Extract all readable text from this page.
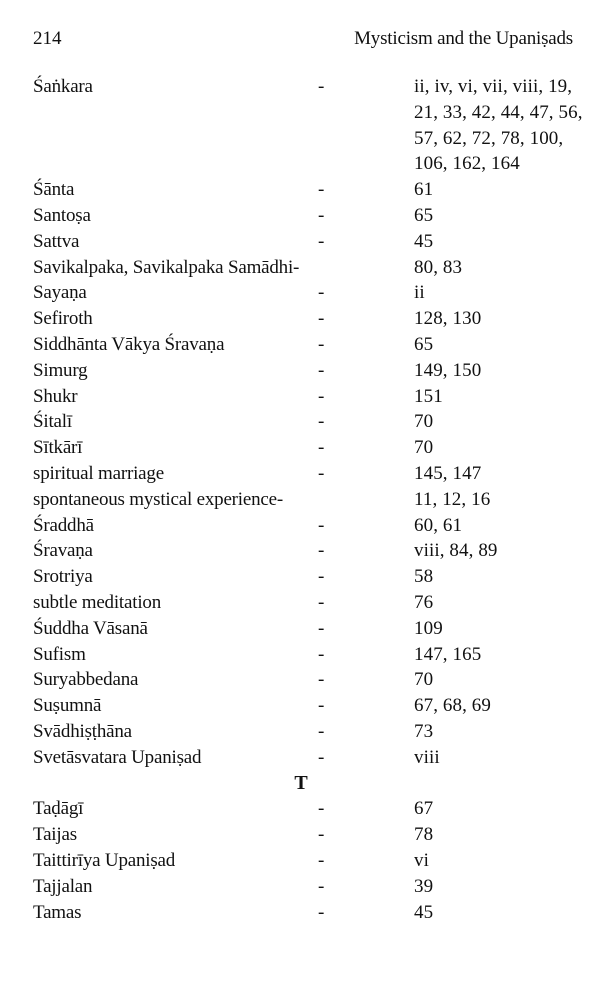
214	Mysticism and the Upaniṣads
Śaṅkara	-	ii, iv, vi, vii, viii, 19, 21, 33, 42, 44, 47, 56, 57, 62, 72, 78, 100, 106, 162, 164
Śānta	-	61
Santoṣa	-	65
Sattva	-	45
Savikalpaka, Savikalpaka Samādhi-	80, 83
Sayaṇa	-	ii
Sefiroth	-	128, 130
Siddhānta Vākya Śravaṇa	-	65
Simurg	-	149, 150
Shukr	-	151
Śitalī	-	70
Sītkārī	-	70
spiritual marriage	-	145, 147
spontaneous mystical experience-	11, 12, 16
Śraddhā	-	60, 61
Śravaṇa	-	viii, 84, 89
Srotriya	-	58
subtle meditation	-	76
Śuddha Vāsanā	-	109
Sufism	-	147, 165
Suryabbedana	-	70
Suṣumnā	-	67, 68, 69
Svādhiṣṭhāna	-	73
Svetāsvatara Upaniṣad	-	viii
T
Taḍāgī	-	67
Taijas	-	78
Taittirīya Upaniṣad	-	vi
Tajjalan	-	39
Tamas	-	45
